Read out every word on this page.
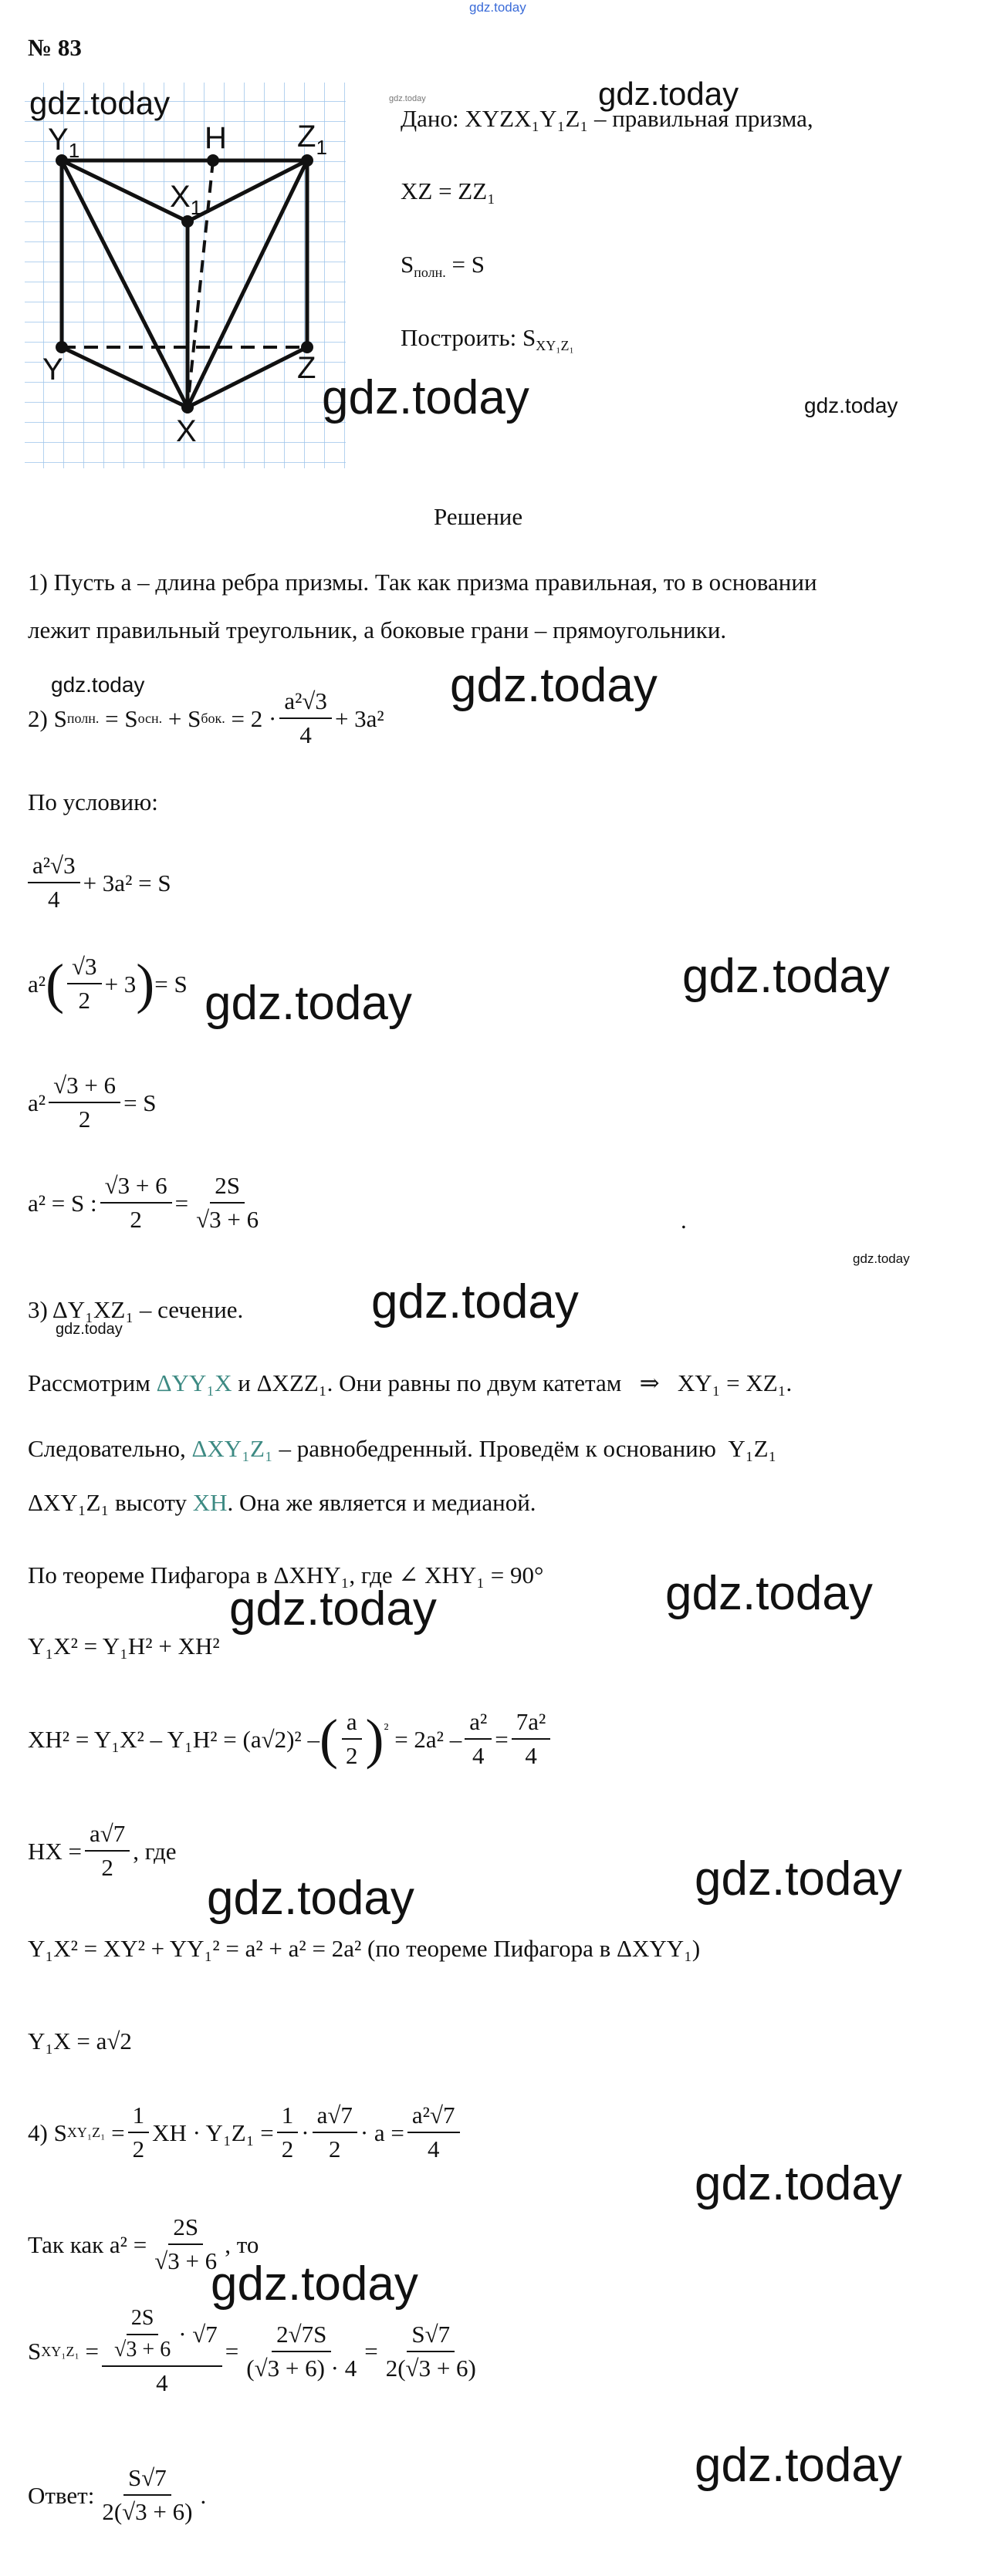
gdz.today
№ 83
gdz.today
$Y_1$	H $Z_1$
$X_1$
Y	Z
X
gdz.today	gdz.today
Дано: XYZX₁Y₁Z₁ – правильная призма,
XZ = ZZ₁
$S_{полн.} = S$
Построить: $S_{XY_1Z_1}$
gdz.today	gdz.today
Решение
1) Пусть а – длина ребра призмы. Так как призма правильная, то в основании
лежит правильный треугольник, а боковые грани – прямоугольники.
gdz.today	gdz.today
2) S полн.
= S осн.
+ S бок.
= $2 \cdot \frac{\text{a²√3}}{4} + 3a^2$
По условию:
$\frac{\text{a²√3}}{4} + 3a^2 = S$
a² ( $\frac{√3}{2} + 3$ ) = S gdz.today
gdz.today
$a^2 \frac{√3 + 6}{2} = S$
a² = S : $\frac{√3 + 6}{2} = \frac{2S}{√3 + 6}$	.
gdz.today
3) ΔY₁XZ₁ – сечение.
gdz.today
gdz.today
Рассмотрим ΔYY₁X и ΔXZZ₁. Они равны по двум катетам ⇒ XY₁ = XZ₁.
Следовательно, ΔXY₁Z₁ – равнобедренный. Проведём к основанию Y₁Z₁
ΔXY₁Z₁ высоту XH. Она же является и медианой.
По теореме Пифагора в ΔXHY₁, где ∠ XHY₁ = 90°	gdz.today
Y₁X² = Y₁H² + XH²
gdz.today
XH² = Y₁X² – Y₁H² =
(a√2)²
– ( $\frac{a}{2} )^{^2}$
= $2a^2 - \frac{\text{a²}}{4} = \frac{\text{7a²}}{4}$
HX = $\frac{a√7}{2}$ , где
gdz.today	gdz.today
Y₁X² = XY² + YY₁² = a² + a² = 2a² (по теореме Пифагора в ΔXYY₁)
Y₁X = a√2
4) S XY₁Z₁
= $\frac{1}{2}$ XH · $Y_1Z_1 = \frac{1}{2} \cdot \frac{a√7}{2} \cdot a = \frac{\text{a²√7}}{4}$
gdz.today
Так как $a^2 = \frac{2S}{√3 + 6}$ , то
gdz.today
S XY₁Z₁
= $\frac{\frac{2S}{√3 + 6} \cdot √7}{4} = \frac{2√7S}{(√3 + 6) \cdot 4} = \frac{S√7}{2(√3 + 6)}$
Ответ: $\frac{S√7}{2(√3 + 6)}$ .
gdz.today
